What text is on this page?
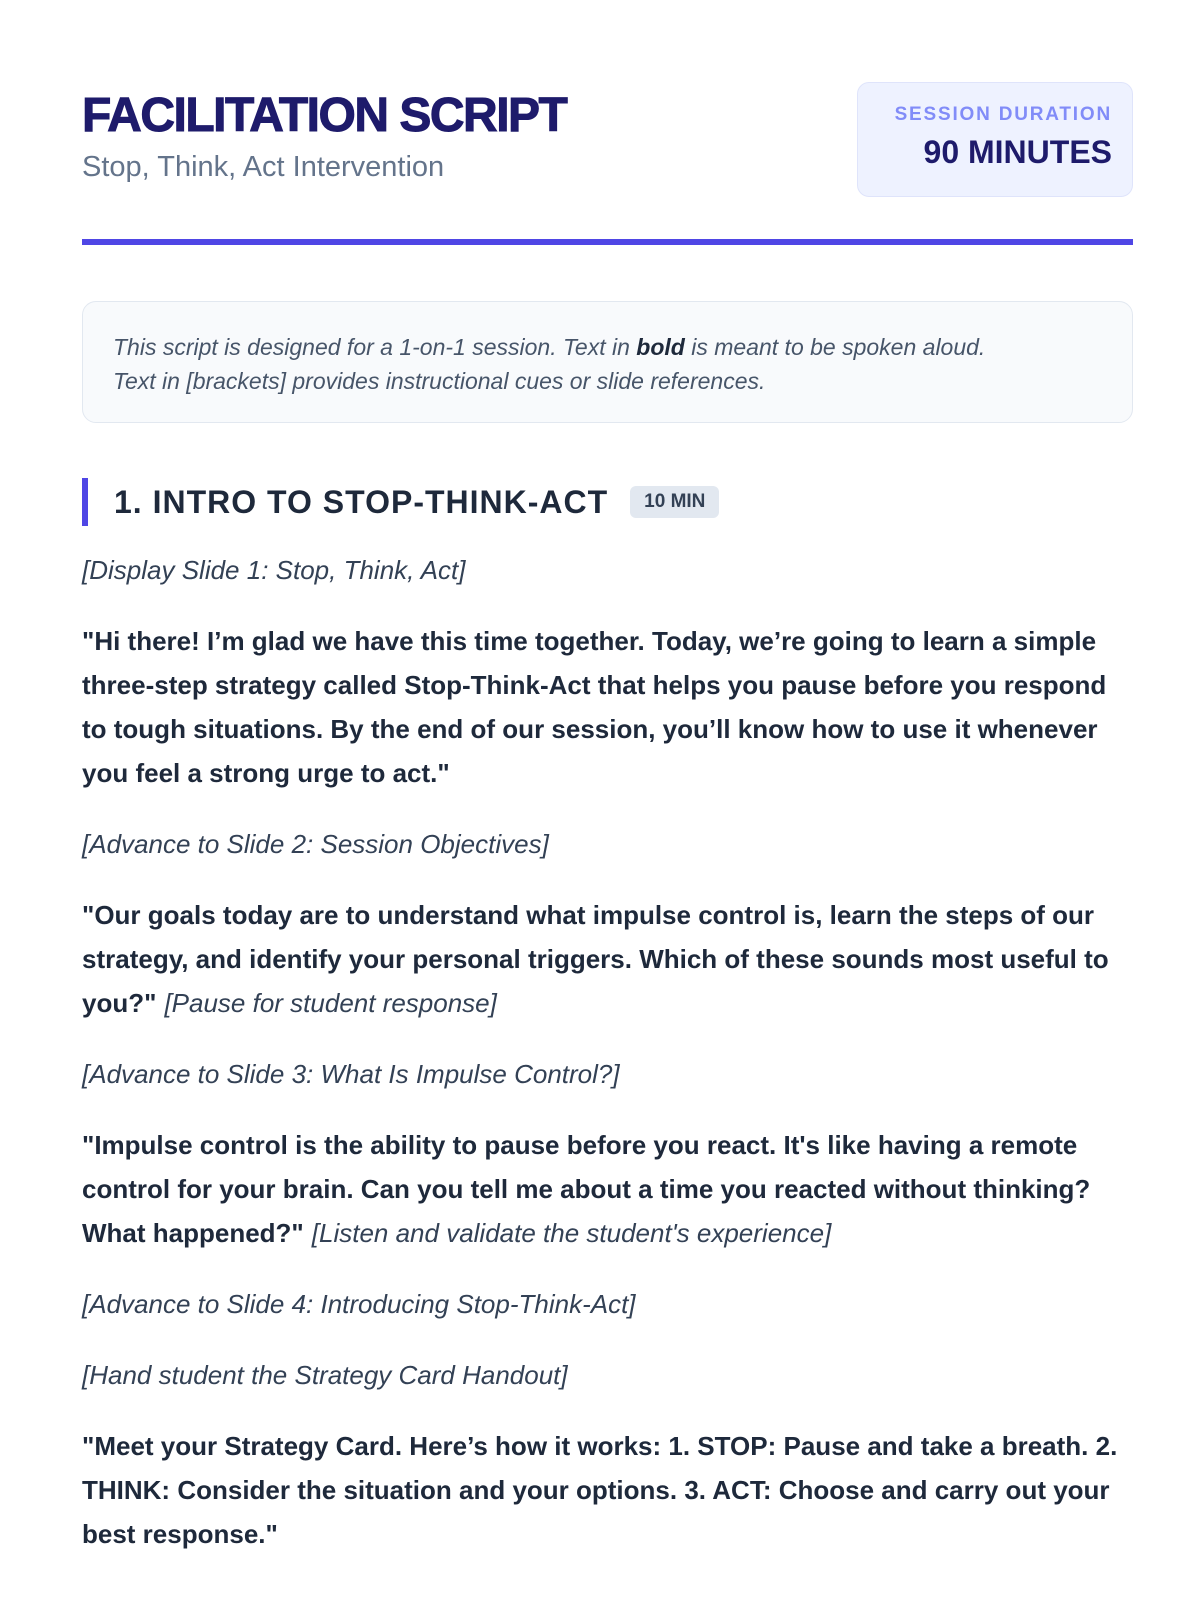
FACILITATION SCRIPT
Stop, Think, Act Intervention
SESSION DURATION
90 MINUTES
This script is designed for a 1-on-1 session. Text in bold is meant to be spoken aloud.
Text in [brackets] provides instructional cues or slide references.
1. INTRO TO STOP-THINK-ACT	10 MIN

[Display Slide 1: Stop, Think, Act]

"Hi there! I’m glad we have this time together. Today, we’re going to learn a simple three-step strategy called Stop-Think-Act that helps you pause before you respond to tough situations. By the end of our session, you’ll know how to use it whenever you feel a strong urge to act."

[Advance to Slide 2: Session Objectives]

"Our goals today are to understand what impulse control is, learn the steps of our strategy, and identify your personal triggers. Which of these sounds most useful to you?" [Pause for student response]

[Advance to Slide 3: What Is Impulse Control?]

"Impulse control is the ability to pause before you react. It's like having a remote control for your brain. Can you tell me about a time you reacted without thinking? What happened?" [Listen and validate the student's experience]

[Advance to Slide 4: Introducing Stop-Think-Act]

[Hand student the Strategy Card Handout]

"Meet your Strategy Card. Here’s how it works: 1. STOP: Pause and take a breath. 2. THINK: Consider the situation and your options. 3. ACT: Choose and carry out your best response."
